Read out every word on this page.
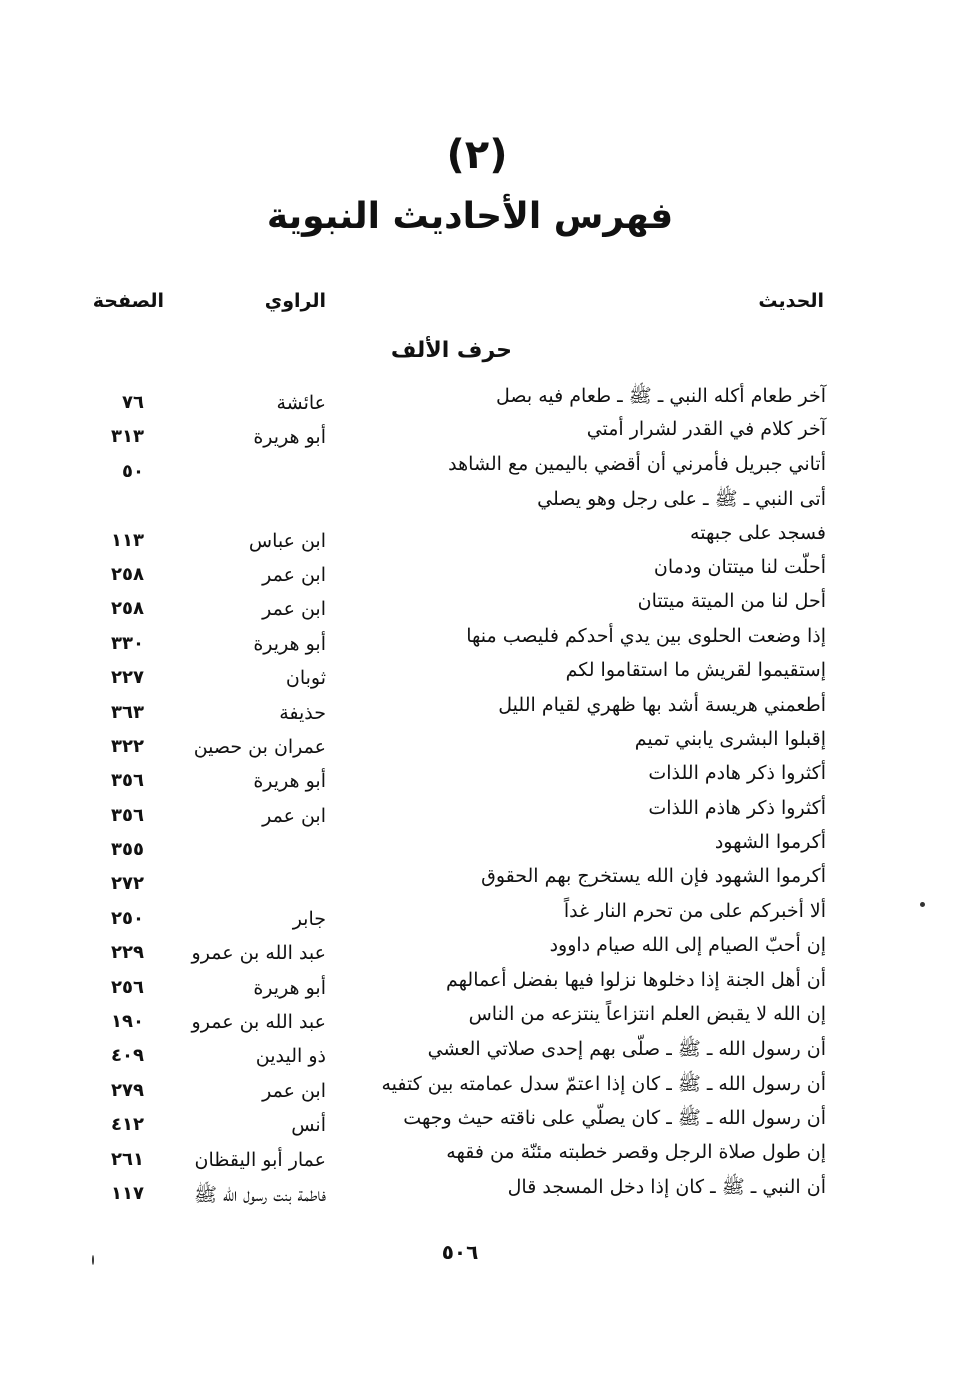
(٢)
فهرس الأحاديث النبوية
الحديث
الراوي
الصفحة
حرف الألف
آخر طعام أكله النبي ـ ﷺ ـ طعام فيه بصل
عائشة
٧٦
آخر كلام في القدر لشرار أمتي
أبو هريرة
٣١٣
أتاني جبريل فأمرني أن أقضي باليمين مع الشاهد
٥٠
أتى النبي ـ ﷺ ـ على رجل وهو يصلي
فسجد على جبهته
ابن عباس
١١٣
أحلّت لنا ميتتان ودمان
ابن عمر
٢٥٨
أحل لنا من الميتة ميتتان
ابن عمر
٢٥٨
إذا وضعت الحلوى بين يدي أحدكم فليصب منها
أبو هريرة
٣٣٠
إستقيموا لقريش ما استقاموا لكم
ثوبان
٢٢٧
أطعمني هريسة أشد بها ظهري لقيام الليل
حذيفة
٣٦٣
إقبلوا البشرى يابني تميم
عمران بن حصين
٣٢٢
أكثروا ذكر هادم اللذات
أبو هريرة
٣٥٦
أكثروا ذكر هاذم اللذات
ابن عمر
٣٥٦
أكرموا الشهود
٣٥٥
أكرموا الشهود فإن الله يستخرج بهم الحقوق
٢٧٢
ألا أخبركم على من تحرم النار غداً
جابر
٢٥٠
إن أحبّ الصيام إلى الله صيام داوود
عبد الله بن عمرو
٢٢٩
أن أهل الجنة إذا دخلوها نزلوا فيها بفضل أعمالهم
أبو هريرة
٢٥٦
إن الله لا يقبض العلم انتزاعاً ينتزعه من الناس
عبد الله بن عمرو
١٩٠
أن رسول الله ـ ﷺ ـ صلّى بهم إحدى صلاتي العشي
ذو اليدين
٤٠٩
أن رسول الله ـ ﷺ ـ كان إذا اعتمّ سدل عمامته بين كتفيه
ابن عمر
٢٧٩
أن رسول الله ـ ﷺ ـ كان يصلّي على ناقته حيث وجهت
أنس
٤١٢
إن طول صلاة الرجل وقصر خطبته مئنّة من فقهه
عمار أبو اليقظان
٢٦١
أن النبي ـ ﷺ ـ كان إذا دخل المسجد قال
فاطمة بنت رسول الله ﷺ
١١٧
٥٠٦
